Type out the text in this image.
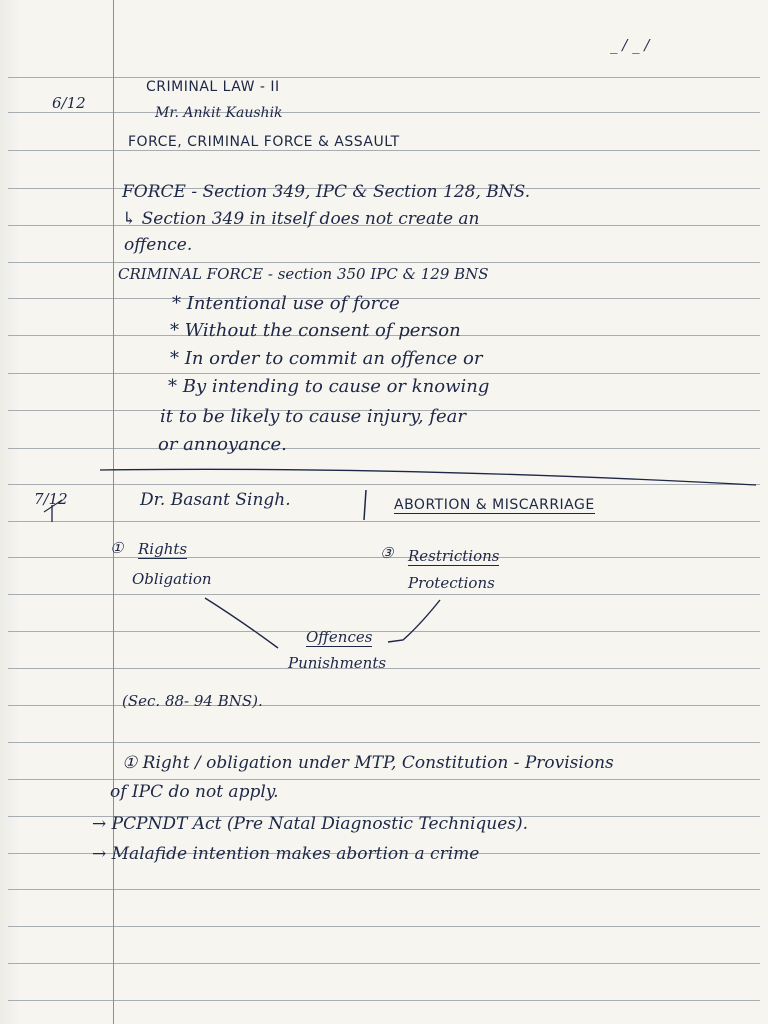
_ / _ /
6/12
CRIMINAL LAW - II
Mr. Ankit Kaushik
FORCE, CRIMINAL FORCE & ASSAULT
FORCE - Section 349, IPC & Section 128, BNS.
↳ Section 349 in itself does not create an
offence.
CRIMINAL FORCE - section 350 IPC & 129 BNS
* Intentional use of force
* Without the consent of person
* In order to commit an offence or
* By intending to cause or knowing
it to be likely to cause injury, fear
or annoyance.
7/12	Dr. Basant Singh.	ABORTION & MISCARRIAGE
① Rights
Obligation
③ Restrictions
Protections
Offences
Punishments
(Sec. 88- 94 BNS).
① Right / obligation under MTP, Constitution - Provisions
of IPC do not apply.
→ PCPNDT Act (Pre Natal Diagnostic Techniques).
→ Malafide intention makes abortion a crime
